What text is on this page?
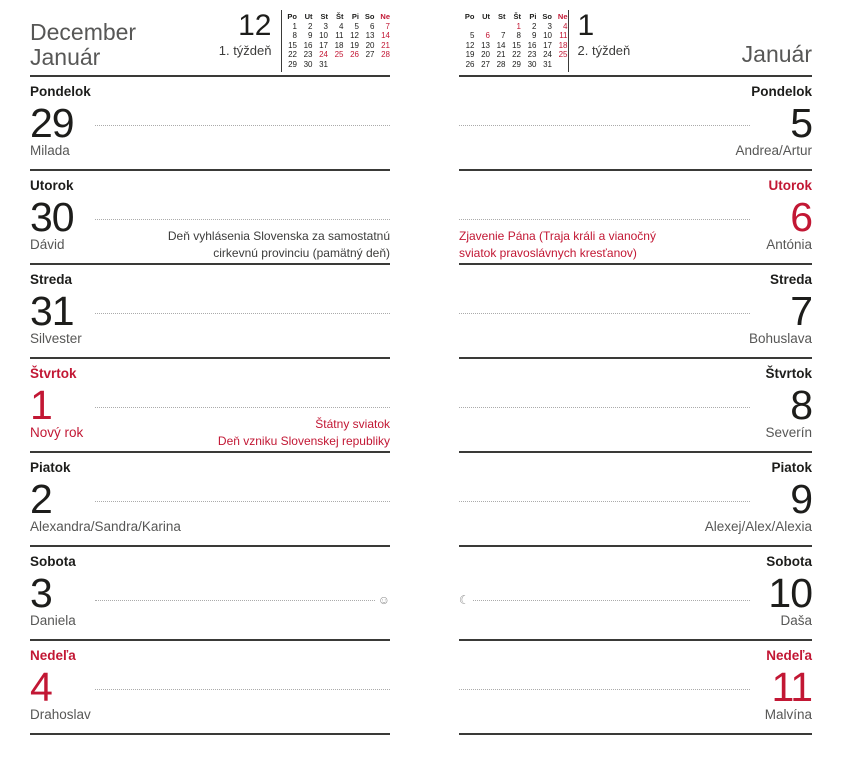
December
Január
12
1. týždeň
Po	Ut	St	Št	Pi	So	Ne
1	2	3	4	5	6	7
8	9	10	11	12	13	14
15	16	17	18	19	20	21
22	23	24	25	26	27	28
29	30	31				
Pondelok
29
Milada
Utorok
30	Deň vyhlásenia Slovenska za samostatnú
cirkevnú provinciu (pamätný deň)
Dávid
Streda
31
Silvester
Štvrtok
1	Štátny sviatok
Deň vzniku Slovenskej republiky
Nový rok
Piatok
2
Alexandra/Sandra/Karina
Sobota
3	☺
Daniela
Nedeľa
4
Drahoslav
Január
1
2. týždeň
Po	Ut	St	Št	Pi	So	Ne
			1	2	3	4
5	6	7	8	9	10	11
12	13	14	15	16	17	18
19	20	21	22	23	24	25
26	27	28	29	30	31	
Pondelok
5
Andrea/Artur
Utorok
6
Zjavenie Pána (Traja králi a vianočný
sviatok pravoslávnych kresťanov)
Antónia
Streda
7
Bohuslava
Štvrtok
8
Severín
Piatok
9
Alexej/Alex/Alexia
Sobota
10
☾
Daša
Nedeľa
11
Malvína
